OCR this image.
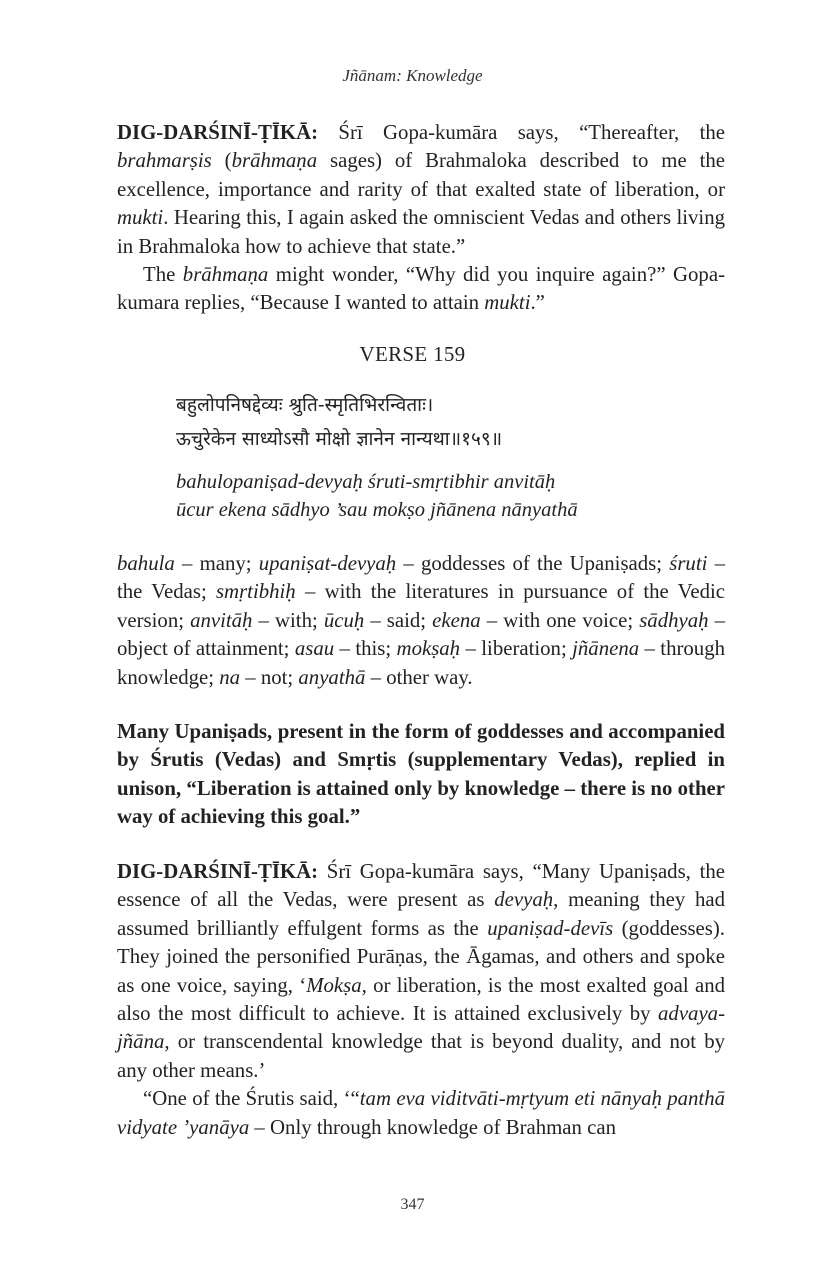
Jñānam: Knowledge

DIG-DARŚINĪ-ṬĪKĀ: Śrī Gopa-kumāra says, “Thereafter, the brahmarṣis (brāhmaṇa sages) of Brahmaloka described to me the excellence, importance and rarity of that exalted state of liberation, or mukti. Hearing this, I again asked the omniscient Vedas and others living in Brahmaloka how to achieve that state.”

The brāhmaṇa might wonder, “Why did you inquire again?” Gopa-kumara replies, “Because I wanted to attain mukti.”

VERSE 159
बहुलोपनिषद्देव्यः श्रुति-स्मृतिभिरन्विताः।
ऊचुरेकेन साध्योऽसौ मोक्षो ज्ञानेन नान्यथा॥१५९॥
bahulopaniṣad-devyaḥ śruti-smṛtibhir anvitāḥ
ūcur ekena sādhyo ’sau mokṣo jñānena nānyathā

bahula – many; upaniṣat-devyaḥ – goddesses of the Upaniṣads; śruti – the Vedas; smṛtibhiḥ – with the literatures in pursuance of the Vedic version; anvitāḥ – with; ūcuḥ – said; ekena – with one voice; sādhyaḥ – object of attainment; asau – this; mokṣaḥ – liberation; jñānena – through knowledge; na – not; anyathā – other way.

Many Upaniṣads, present in the form of goddesses and accompanied by Śrutis (Vedas) and Smṛtis (supplementary Vedas), replied in unison, “Liberation is attained only by knowledge – there is no other way of achieving this goal.”

DIG-DARŚINĪ-ṬĪKĀ: Śrī Gopa-kumāra says, “Many Upaniṣads, the essence of all the Vedas, were present as devyaḥ, meaning they had assumed brilliantly effulgent forms as the upaniṣad-devīs (goddesses). They joined the personified Purāṇas, the Āgamas, and others and spoke as one voice, saying, ‘Mokṣa, or liberation, is the most exalted goal and also the most difficult to achieve. It is attained exclusively by advaya-jñāna, or transcendental knowledge that is beyond duality, and not by any other means.’

“One of the Śrutis said, ‘“tam eva viditvāti-mṛtyum eti nānyaḥ panthā vidyate ’yanāya – Only through knowledge of Brahman can

347
